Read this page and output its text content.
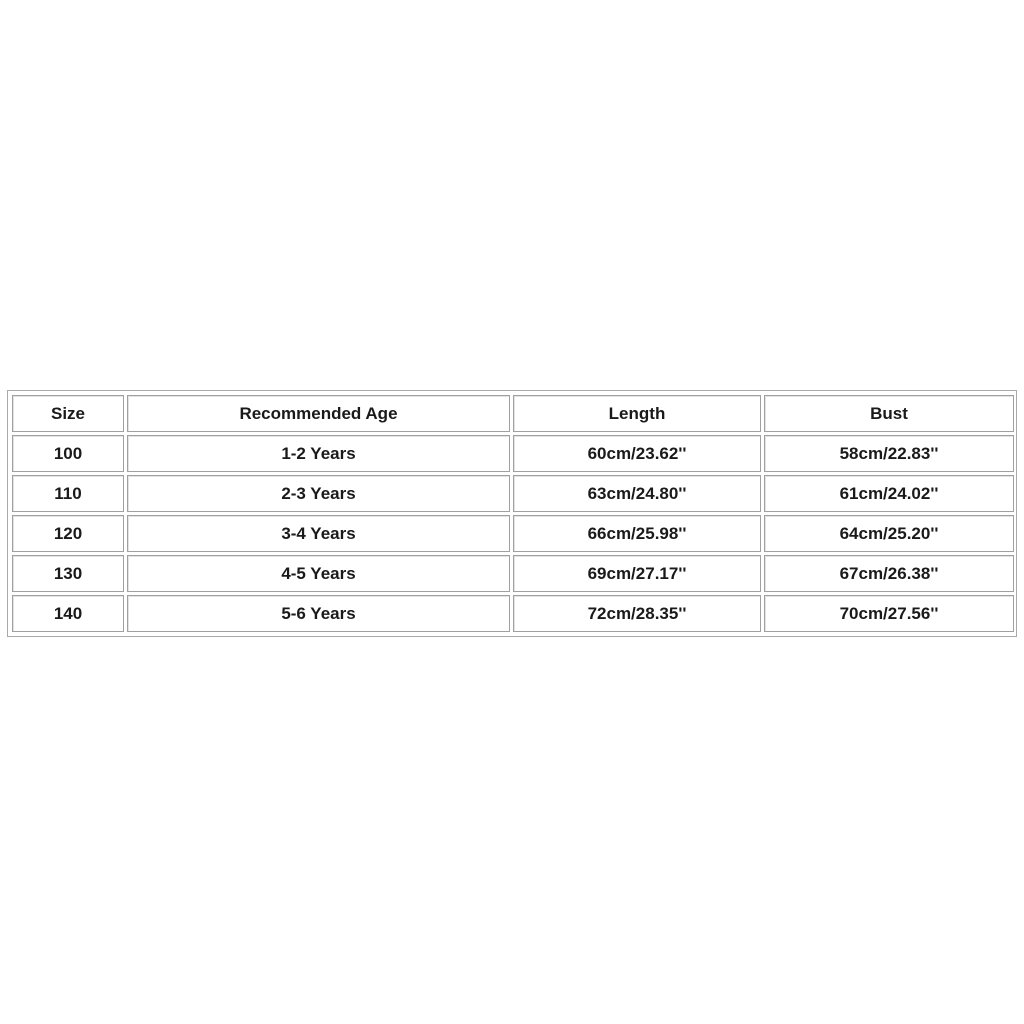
Size	Recommended Age	Length	Bust
100	1-2 Years	60cm/23.62''	58cm/22.83''
110	2-3 Years	63cm/24.80''	61cm/24.02''
120	3-4 Years	66cm/25.98''	64cm/25.20''
130	4-5 Years	69cm/27.17''	67cm/26.38''
140	5-6 Years	72cm/28.35''	70cm/27.56''
